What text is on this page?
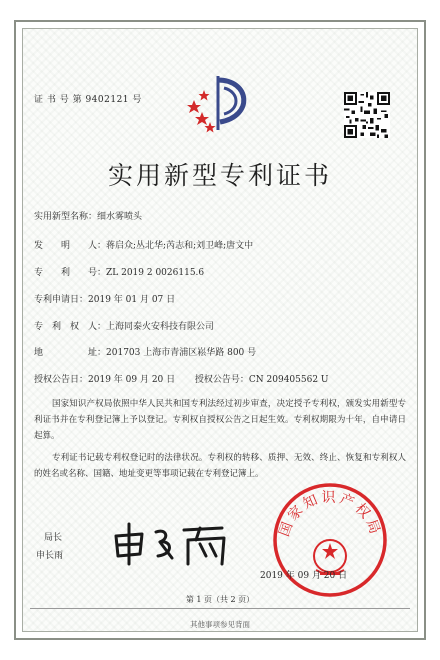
证 书 号 第 9402121 号
实用新型专利证书
实用新型名称：细水雾喷头
发　　明　　人：蒋启众;丛北华;芮志和;刘卫峰;唐文中
专　　利　　号：ZL 2019 2 0026115.6
专利申请日：2019 年 01 月 07 日
专　利　权　人：上海同泰火安科技有限公司
地　　　　　址：201703 上海市青浦区崧华路 800 号
授权公告日：2019 年 09 月 20 日 授权公告号：CN 209405562 U

国家知识产权局依照中华人民共和国专利法经过初步审查，决定授予专利权，颁发实用新型专利证书并在专利登记簿上予以登记。专利权自授权公告之日起生效。专利权期限为十年，自申请日起算。

专利证书记载专利权登记时的法律状况。专利权的转移、质押、无效、终止、恢复和专利权人的姓名或名称、国籍、地址变更等事项记载在专利登记簿上。

局长
申长雨
国家知识产权局
2019 年 09 月 20 日
第 1 页（共 2 页）
其他事项参见背面
